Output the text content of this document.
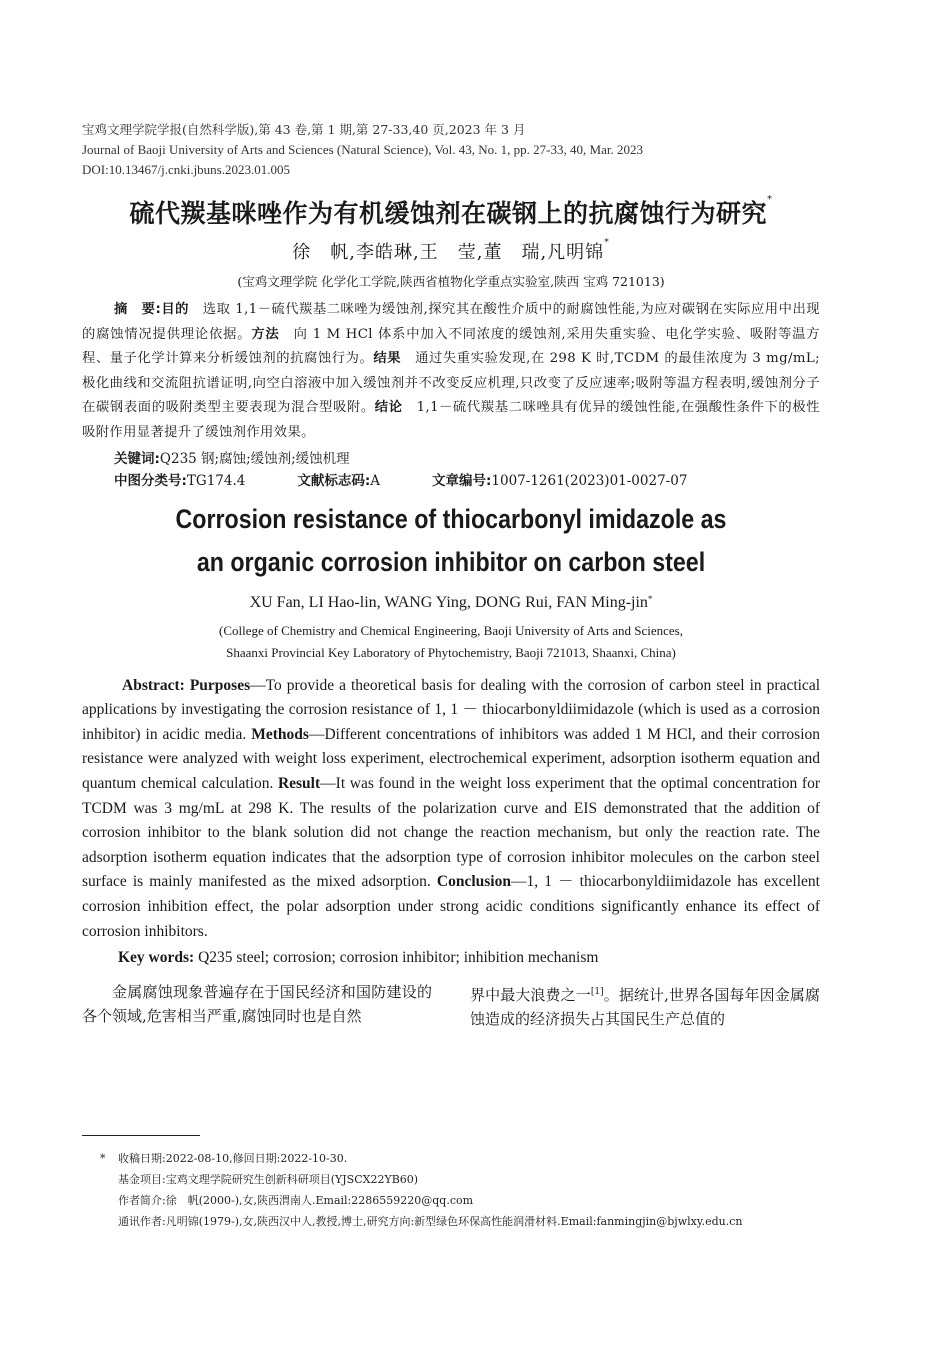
宝鸡文理学院学报(自然科学版),第 43 卷,第 1 期,第 27-33,40 页,2023 年 3 月
Journal of Baoji University of Arts and Sciences (Natural Science), Vol. 43, No. 1, pp. 27-33, 40, Mar. 2023
DOI:10.13467/j.cnki.jbuns.2023.01.005
硫代羰基咪唑作为有机缓蚀剂在碳钢上的抗腐蚀行为研究*
徐　帆,李皓琳,王　莹,董　瑞,凡明锦*
(宝鸡文理学院 化学化工学院,陕西省植物化学重点实验室,陕西 宝鸡 721013)
摘　要:目的　选取 1,1－硫代羰基二咪唑为缓蚀剂,探究其在酸性介质中的耐腐蚀性能,为应对碳钢在实际应用中出现的腐蚀情况提供理论依据。方法　向 1 M HCl 体系中加入不同浓度的缓蚀剂,采用失重实验、电化学实验、吸附等温方程、量子化学计算来分析缓蚀剂的抗腐蚀行为。结果　通过失重实验发现,在 298 K 时,TCDM 的最佳浓度为 3 mg/mL;极化曲线和交流阻抗谱证明,向空白溶液中加入缓蚀剂并不改变反应机理,只改变了反应速率;吸附等温方程表明,缓蚀剂分子在碳钢表面的吸附类型主要表现为混合型吸附。结论　1,1－硫代羰基二咪唑具有优异的缓蚀性能,在强酸性条件下的极性吸附作用显著提升了缓蚀剂作用效果。
关键词:Q235 钢;腐蚀;缓蚀剂;缓蚀机理
中图分类号:TG174.4	文献标志码:A	文章编号:1007-1261(2023)01-0027-07
Corrosion resistance of thiocarbonyl imidazole as
an organic corrosion inhibitor on carbon steel
XU Fan, LI Hao-lin, WANG Ying, DONG Rui, FAN Ming-jin*
(College of Chemistry and Chemical Engineering, Baoji University of Arts and Sciences,
Shaanxi Provincial Key Laboratory of Phytochemistry, Baoji 721013, Shaanxi, China)
Abstract: Purposes—To provide a theoretical basis for dealing with the corrosion of carbon steel in practical applications by investigating the corrosion resistance of 1, 1 － thiocarbonyldiimidazole (which is used as a corrosion inhibitor) in acidic media. Methods—Different concentrations of inhibitors was added 1 M HCl, and their corrosion resistance were analyzed with weight loss experiment, electrochemical experiment, adsorption isotherm equation and quantum chemical calculation. Result—It was found in the weight loss experiment that the optimal concentration for TCDM was 3 mg/mL at 298 K. The results of the polarization curve and EIS demonstrated that the addition of corrosion inhibitor to the blank solution did not change the reaction mechanism, but only the reaction rate. The adsorption isotherm equation indicates that the adsorption type of corrosion inhibitor molecules on the carbon steel surface is mainly manifested as the mixed adsorption. Conclusion—1, 1 － thiocarbonyldiimidazole has excellent corrosion inhibition effect, the polar adsorption under strong acidic conditions significantly enhance its effect of corrosion inhibitors.
Key words: Q235 steel; corrosion; corrosion inhibitor; inhibition mechanism
金属腐蚀现象普遍存在于国民经济和国防建设的各个领域,危害相当严重,腐蚀同时也是自然
界中最大浪费之一[1]。据统计,世界各国每年因金属腐蚀造成的经济损失占其国民生产总值的
* 收稿日期:2022-08-10,修回日期:2022-10-30.
基金项目:宝鸡文理学院研究生创新科研项目(YJSCX22YB60)
作者简介:徐　帆(2000-),女,陕西渭南人.Email:2286559220@qq.com
通讯作者:凡明锦(1979-),女,陕西汉中人,教授,博士,研究方向:新型绿色环保高性能润滑材料.Email:fanmingjin@bjwlxy.edu.cn
